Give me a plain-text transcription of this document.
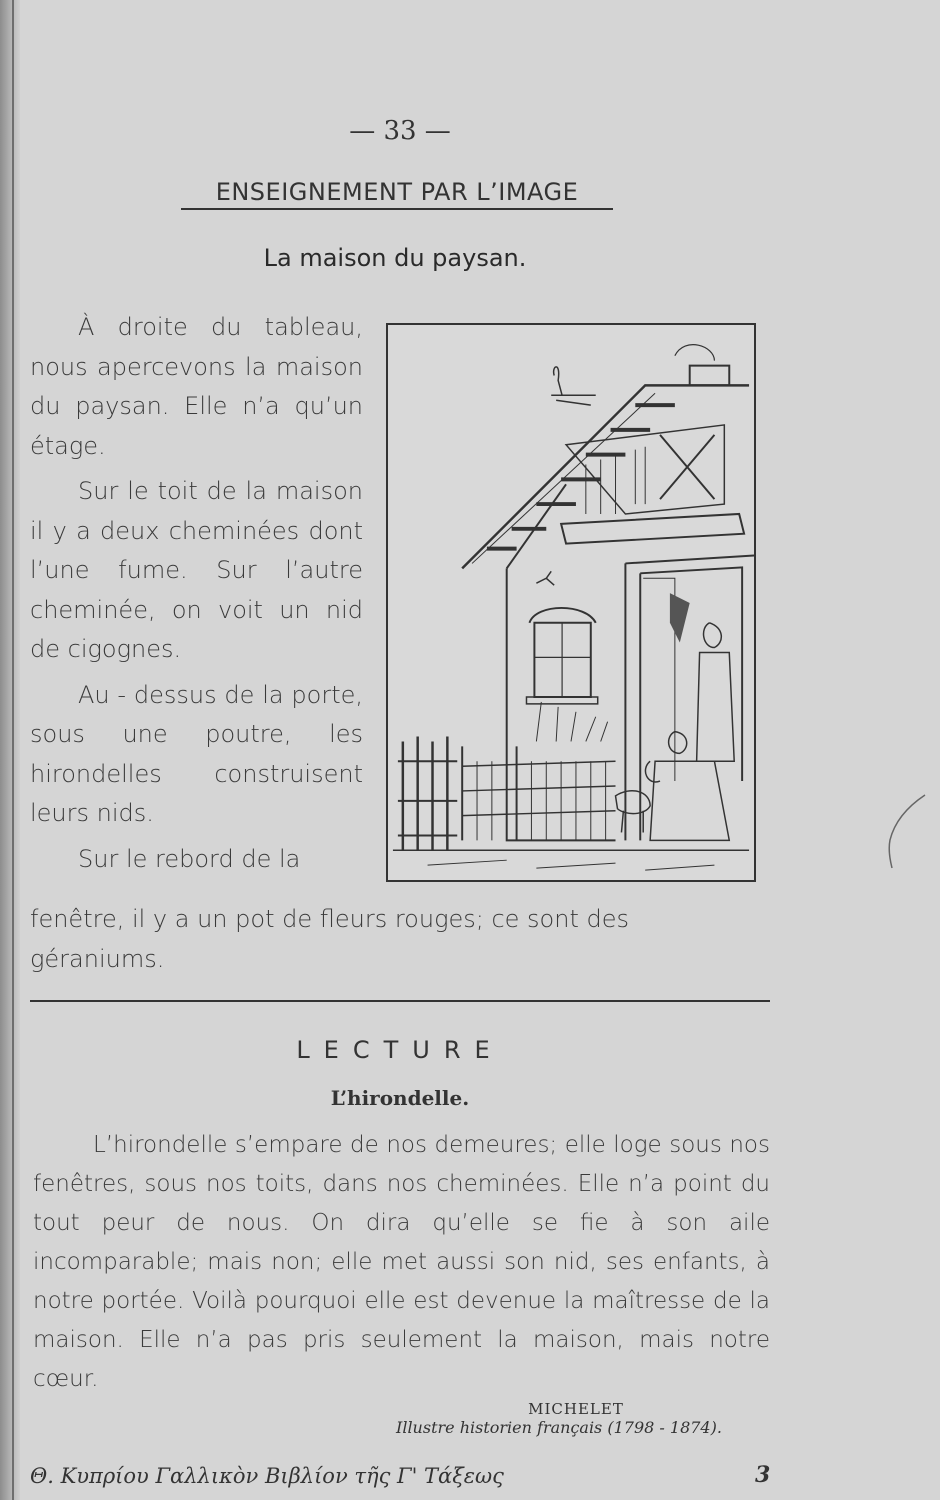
— 33 —
ENSEIGNEMENT PAR L’IMAGE
La maison du paysan.

À droite du tableau, nous apercevons la maison du paysan. Elle n’a qu’un étage.

Sur le toit de la maison il y a deux cheminées dont l’une fume. Sur l’autre cheminée, on voit un nid de cigognes.

Au - dessus de la porte, sous une poutre, les hirondelles construisent leurs nids.

Sur le rebord de la

fenêtre, il y a un pot de fleurs rouges; ce sont des géraniums.
LECTURE
L’hirondelle.
L’hirondelle s’empare de nos demeures; elle loge sous nos fenêtres, sous nos toits, dans nos cheminées. Elle n’a point du tout peur de nous. On dira qu’elle se fie à son aile incomparable; mais non; elle met aussi son nid, ses enfants, à notre portée. Voilà pourquoi elle est devenue la maîtresse de la maison. Elle n’a pas pris seulement la maison, mais notre cœur.
MICHELET
Illustre historien français (1798 - 1874).
Θ. Κυπρίου Γαλλικὸν Βιβλίον τῆς Γ' Τάξεως	3
